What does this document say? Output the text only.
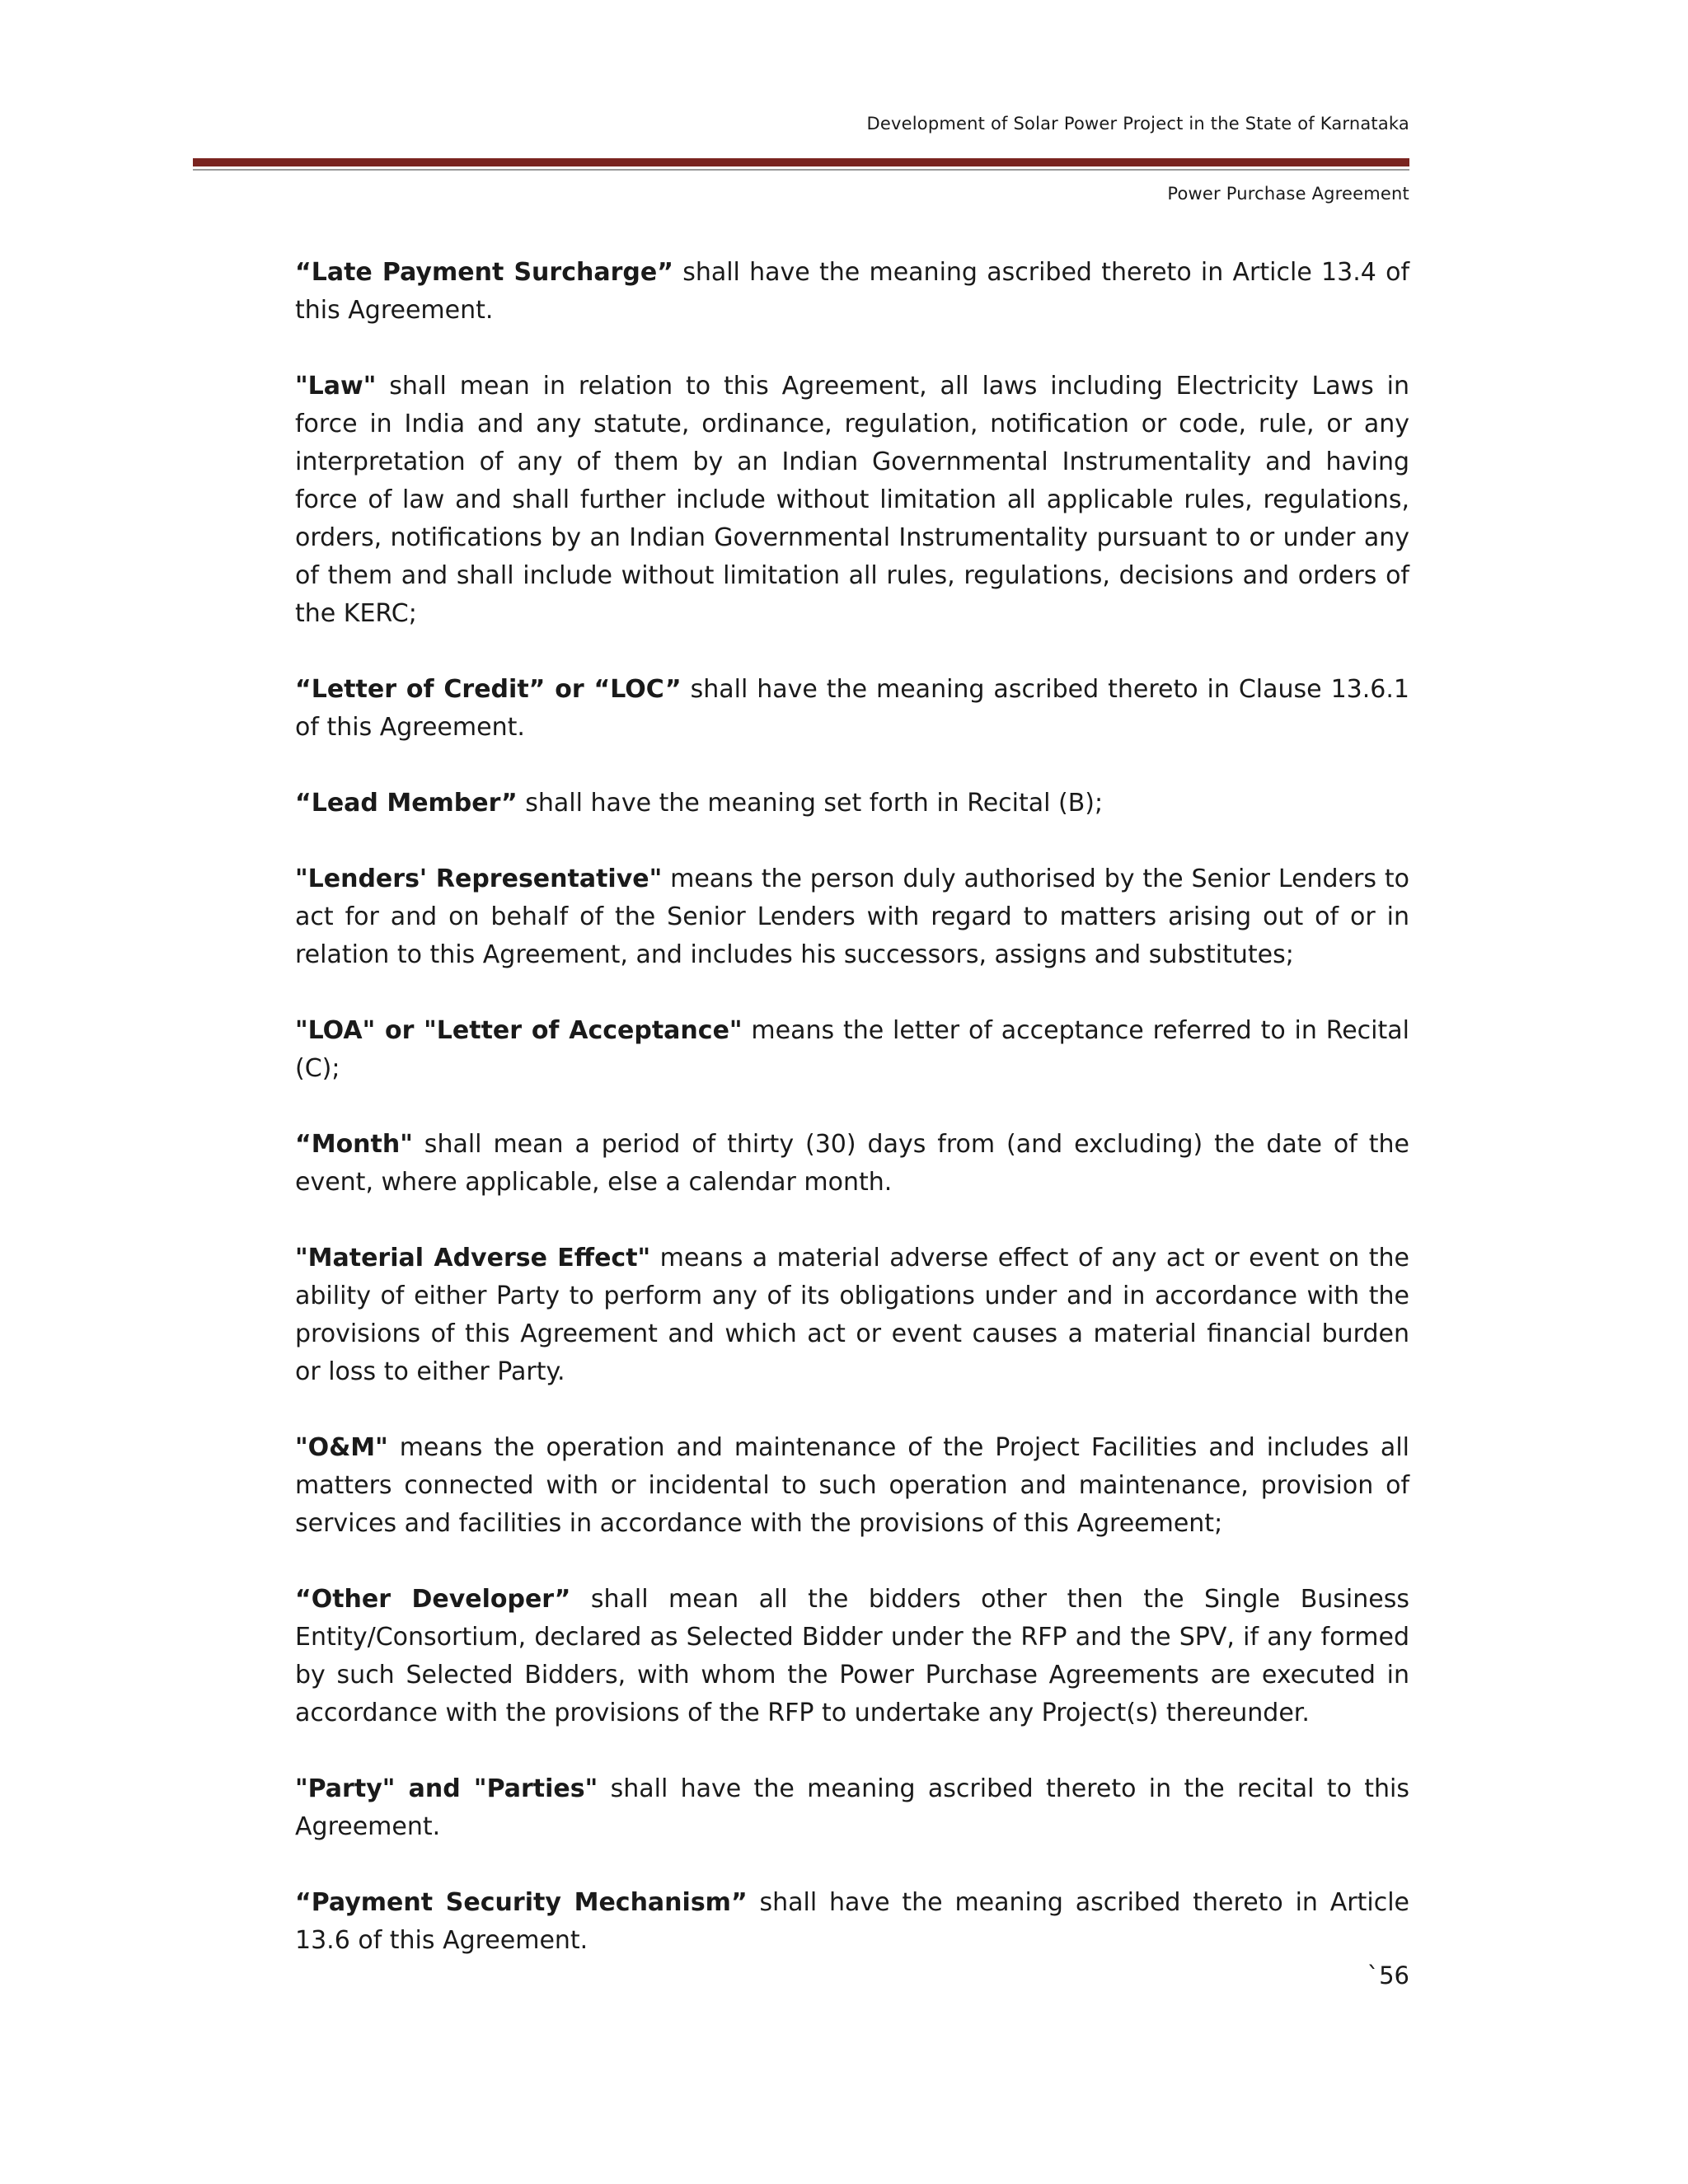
Development of Solar Power Project in the State of Karnataka
Power Purchase Agreement

“Late Payment Surcharge” shall have the meaning ascribed thereto in Article 13.4 of this Agreement.

"Law" shall mean in relation to this Agreement, all laws including Electricity Laws in force in India and any statute, ordinance, regulation, notification or code, rule, or any interpretation of any of them by an Indian Governmental Instrumentality and having force of law and shall further include without limitation all applicable rules, regulations, orders, notifications by an Indian Governmental Instrumentality pursuant to or under any of them and shall include without limitation all rules, regulations, decisions and orders of the KERC;

“Letter of Credit” or “LOC” shall have the meaning ascribed thereto in Clause 13.6.1 of this Agreement.

“Lead Member” shall have the meaning set forth in Recital (B);

"Lenders' Representative" means the person duly authorised by the Senior Lenders to act for and on behalf of the Senior Lenders with regard to matters arising out of or in relation to this Agreement, and includes his successors, assigns and substitutes;

"LOA" or "Letter of Acceptance" means the letter of acceptance referred to in Recital (C);

“Month" shall mean a period of thirty (30) days from (and excluding) the date of the event, where applicable, else a calendar month.

"Material Adverse Effect" means a material adverse effect of any act or event on the ability of either Party to perform any of its obligations under and in accordance with the provisions of this Agreement and which act or event causes a material financial burden or loss to either Party.

"O&M" means the operation and maintenance of the Project Facilities and includes all matters connected with or incidental to such operation and maintenance, provision of services and facilities in accordance with the provisions of this Agreement;

“Other Developer” shall mean all the bidders other then the Single Business Entity/Consortium, declared as Selected Bidder under the RFP and the SPV, if any formed by such Selected Bidders, with whom the Power Purchase Agreements are executed in accordance with the provisions of the RFP to undertake any Project(s) thereunder.

"Party" and "Parties" shall have the meaning ascribed thereto in the recital to this Agreement.

“Payment Security Mechanism” shall have the meaning ascribed thereto in Article 13.6 of this Agreement.

`56
